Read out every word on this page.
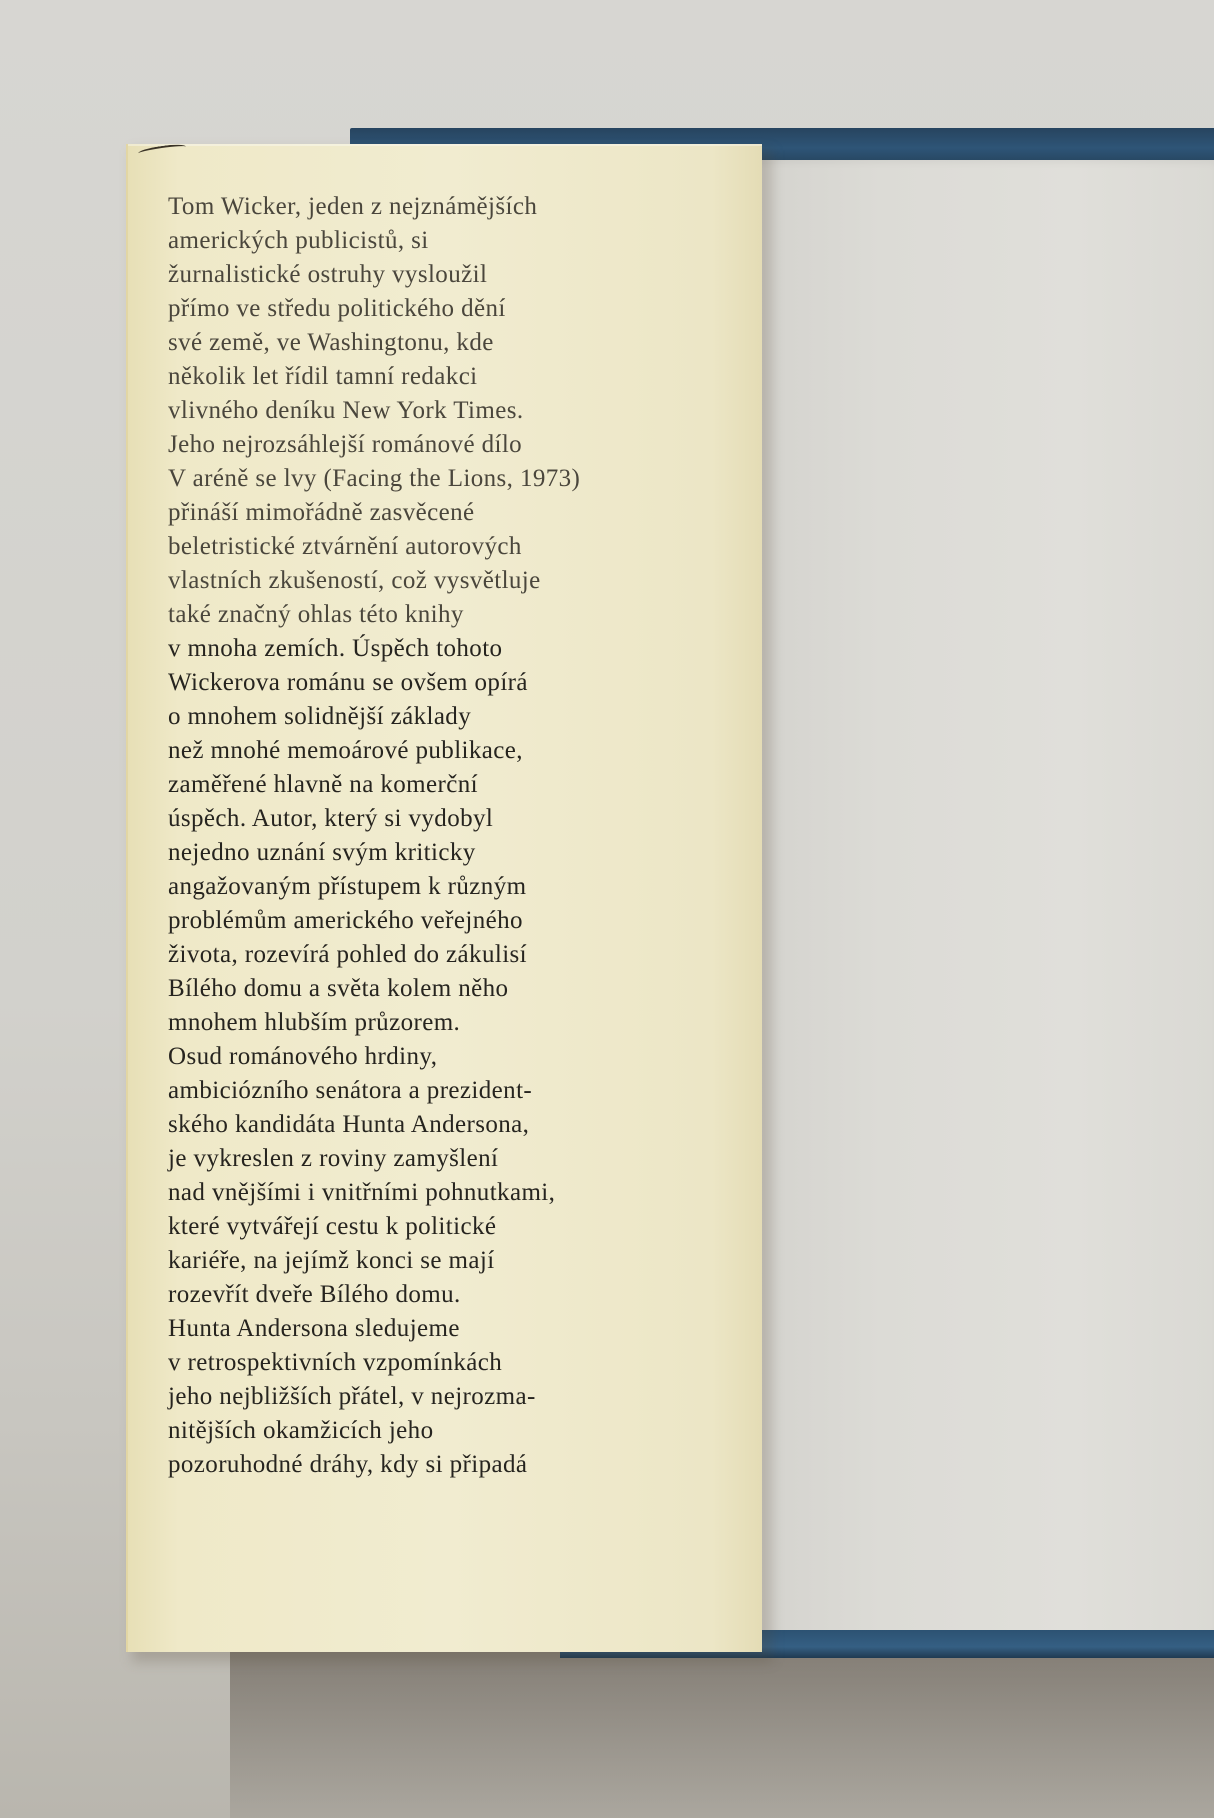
Tom Wicker, jeden z nejznámějších
amerických publicistů, si
žurnalistické ostruhy vysloužil
přímo ve středu politického dění
své země, ve Washingtonu, kde
několik let řídil tamní redakci
vlivného deníku New York Times.
Jeho nejrozsáhlejší románové dílo
V aréně se lvy (Facing the Lions, 1973)
přináší mimořádně zasvěcené
beletristické ztvárnění autorových
vlastních zkušeností, což vysvětluje
také značný ohlas této knihy
v mnoha zemích. Úspěch tohoto
Wickerova románu se ovšem opírá
o mnohem solidnější základy
než mnohé memoárové publikace,
zaměřené hlavně na komerční
úspěch. Autor, který si vydobyl
nejedno uznání svým kriticky
angažovaným přístupem k různým
problémům amerického veřejného
života, rozevírá pohled do zákulisí
Bílého domu a světa kolem něho
mnohem hlubším průzorem.
Osud románového hrdiny,
ambiciózního senátora a prezident-
ského kandidáta Hunta Andersona,
je vykreslen z roviny zamyšlení
nad vnějšími i vnitřními pohnutkami,
které vytvářejí cestu k politické
kariéře, na jejímž konci se mají
rozevřít dveře Bílého domu.
Hunta Andersona sledujeme
v retrospektivních vzpomínkách
jeho nejbližších přátel, v nejrozma-
nitějších okamžicích jeho
pozoruhodné dráhy, kdy si připadá
